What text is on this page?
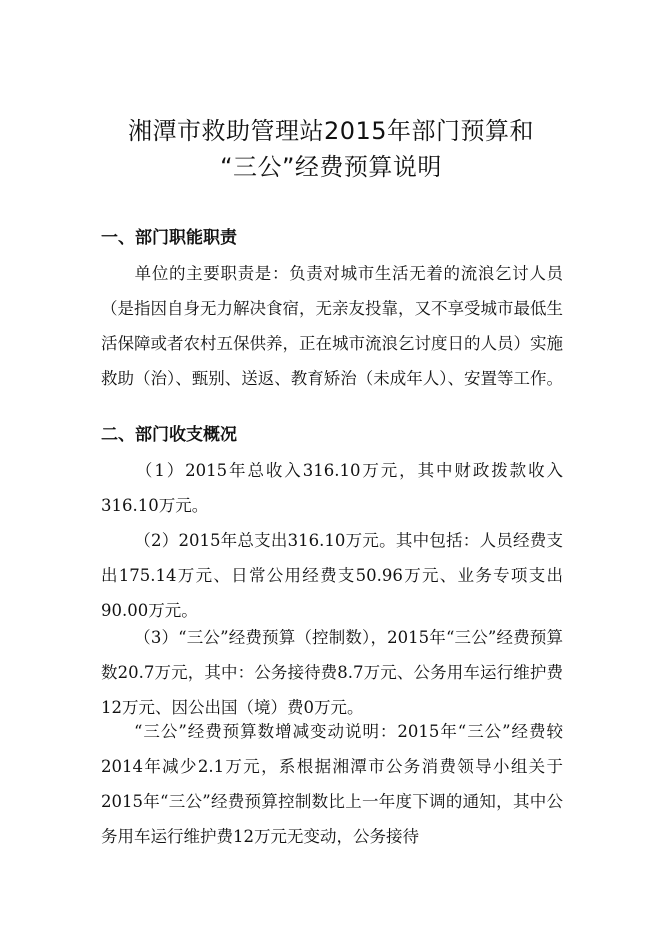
湘潭市救助管理站2015年部门预算和
“三公”经费预算说明
一、部门职能职责

单位的主要职责是：负责对城市生活无着的流浪乞讨人员（是指因自身无力解决食宿，无亲友投靠，又不享受城市最低生活保障或者农村五保供养，正在城市流浪乞讨度日的人员）实施救助（治）、甄别、送返、教育矫治（未成年人）、安置等工作。

二、部门收支概况

（1）2015年总收入316.10万元，其中财政拨款收入316.10万元。

（2）2015年总支出316.10万元。其中包括：人员经费支出175.14万元、日常公用经费支50.96万元、业务专项支出90.00万元。

（3）“三公”经费预算（控制数），2015年“三公”经费预算数20.7万元，其中：公务接待费8.7万元、公务用车运行维护费12万元、因公出国（境）费0万元。

“三公”经费预算数增减变动说明：2015年“三公”经费较2014年减少2.1万元，系根据湘潭市公务消费领导小组关于2015年“三公”经费预算控制数比上一年度下调的通知，其中公务用车运行维护费12万元无变动，公务接待
